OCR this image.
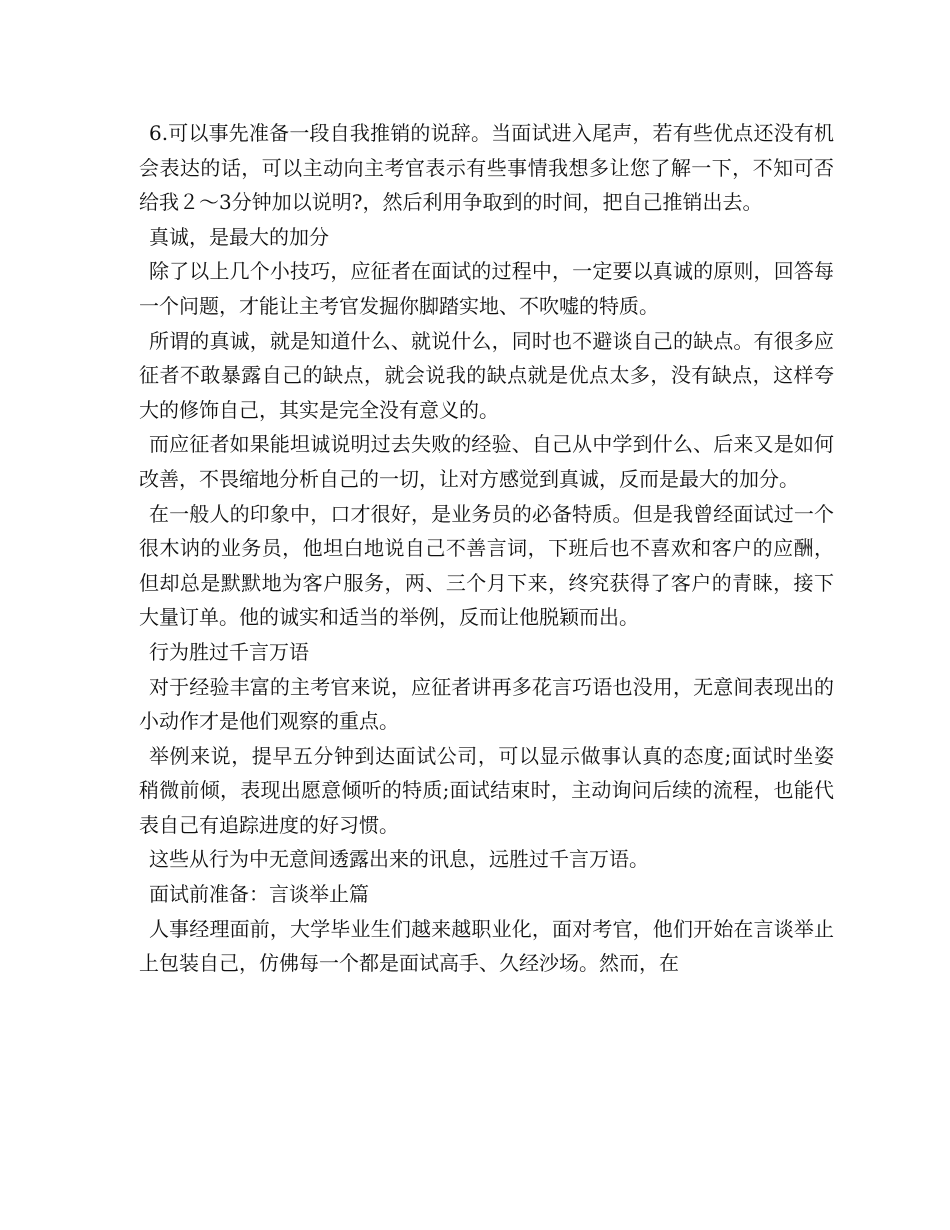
6.可以事先准备一段自我推销的说辞。当面试进入尾声，若有些优点还没有机会表达的话，可以主动向主考官表示有些事情我想多让您了解一下，不知可否给我２～3分钟加以说明?，然后利用争取到的时间，把自己推销出去。

真诚，是最大的加分

除了以上几个小技巧，应征者在面试的过程中，一定要以真诚的原则，回答每一个问题，才能让主考官发掘你脚踏实地、不吹嘘的特质。

所谓的真诚，就是知道什么、就说什么，同时也不避谈自己的缺点。有很多应征者不敢暴露自己的缺点，就会说我的缺点就是优点太多，没有缺点，这样夸大的修饰自己，其实是完全没有意义的。

而应征者如果能坦诚说明过去失败的经验、自己从中学到什么、后来又是如何改善，不畏缩地分析自己的一切，让对方感觉到真诚，反而是最大的加分。

在一般人的印象中，口才很好，是业务员的必备特质。但是我曾经面试过一个很木讷的业务员，他坦白地说自己不善言词，下班后也不喜欢和客户的应酬，但却总是默默地为客户服务，两、三个月下来，终究获得了客户的青睐，接下大量订单。他的诚实和适当的举例，反而让他脱颖而出。

行为胜过千言万语

对于经验丰富的主考官来说，应征者讲再多花言巧语也没用，无意间表现出的小动作才是他们观察的重点。

举例来说，提早五分钟到达面试公司，可以显示做事认真的态度;面试时坐姿稍微前倾，表现出愿意倾听的特质;面试结束时，主动询问后续的流程，也能代表自己有追踪进度的好习惯。

这些从行为中无意间透露出来的讯息，远胜过千言万语。

面试前准备：言谈举止篇

人事经理面前，大学毕业生们越来越职业化，面对考官，他们开始在言谈举止上包装自己，仿佛每一个都是面试高手、久经沙场。然而，在
